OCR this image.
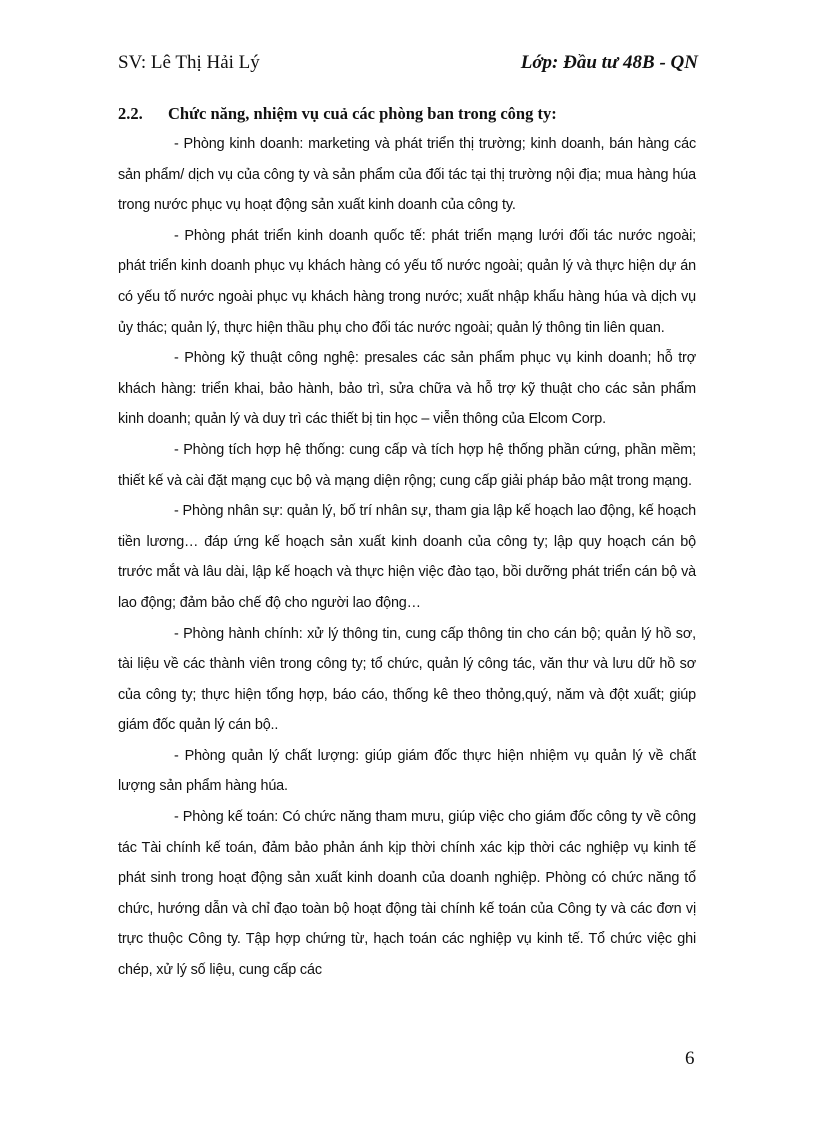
SV: Lê Thị Hải Lý	Lớp: Đầu tư 48B - QN

2.2. Chức năng, nhiệm vụ cuả các phòng ban trong công ty:

- Phòng kinh doanh: marketing và phát triển thị trường; kinh doanh, bán hàng các sản phẩm/ dịch vụ của công ty và sản phẩm của đối tác tại thị trường nội địa; mua hàng húa trong nước phục vụ hoạt động sản xuất kinh doanh của công ty.

- Phòng phát triển kinh doanh quốc tế: phát triển mạng lưới đối tác nước ngoài; phát triển kinh doanh phục vụ khách hàng có yếu tố nước ngoài; quản lý và thực hiện dự án có yếu tố nước ngoài phục vụ khách hàng trong nước; xuất nhập khẩu hàng húa và dịch vụ ủy thác; quản lý, thực hiện thầu phụ cho đối tác nước ngoài; quản lý thông tin liên quan.

- Phòng kỹ thuật công nghệ: presales các sản phẩm phục vụ kinh doanh; hỗ trợ khách hàng: triển khai, bảo hành, bảo trì, sửa chữa và hỗ trợ kỹ thuật cho các sản phẩm kinh doanh; quản lý và duy trì các thiết bị tin học – viễn thông của Elcom Corp.

- Phòng tích hợp hệ thống: cung cấp và tích hợp hệ thống phần cứng, phần mềm; thiết kế và cài đặt mạng cục bộ và mạng diện rộng; cung cấp giải pháp bảo mật trong mạng.

- Phòng nhân sự: quản lý, bố trí nhân sự, tham gia lập kế hoạch lao động, kế hoạch tiền lương… đáp ứng kế hoạch sản xuất kinh doanh của công ty; lập quy hoạch cán bộ trước mắt và lâu dài, lập kế hoạch và thực hiện việc đào tạo, bồi dưỡng phát triển cán bộ và lao động; đảm bảo chế độ cho người lao động…

- Phòng hành chính: xử lý thông tin, cung cấp thông tin cho cán bộ; quản lý hồ sơ, tài liệu về các thành viên trong công ty; tổ chức, quản lý công tác, văn thư và lưu dữ hồ sơ của công ty; thực hiện tổng hợp, báo cáo, thống kê theo thỏng,quý, năm và đột xuất; giúp giám đốc quản lý cán bộ..

- Phòng quản lý chất lượng: giúp giám đốc thực hiện nhiệm vụ quản lý về chất lượng sản phẩm hàng húa.

- Phòng kế toán: Có chức năng tham mưu, giúp việc cho giám đốc công ty về công tác Tài chính kế toán, đảm bảo phản ánh kịp thời chính xác kịp thời các nghiệp vụ kinh tế phát sinh trong hoạt động sản xuất kinh doanh của doanh nghiệp. Phòng có chức năng tổ chức, hướng dẫn và chỉ đạo toàn bộ hoạt động tài chính kế toán của Công ty và các đơn vị trực thuộc Công ty. Tập hợp chứng từ, hạch toán các nghiệp vụ kinh tế. Tổ chức việc ghi chép, xử lý số liệu, cung cấp các

6
